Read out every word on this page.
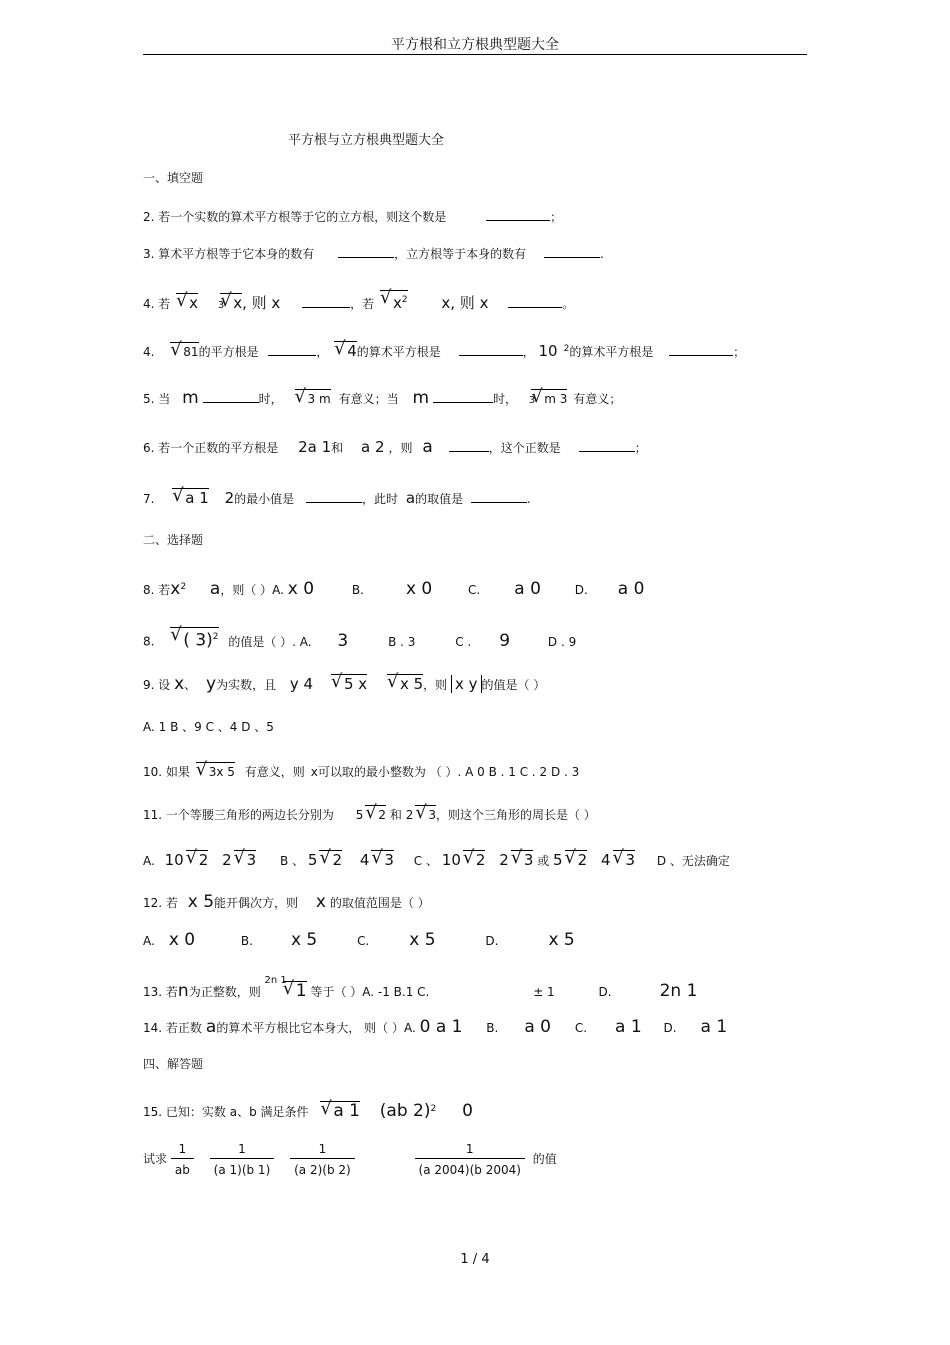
平方根和立方根典型题大全
平方根与立方根典型题大全
一、填空题
2. 若一个实数的算术平方根等于它的立方根，则这个数是	；
3. 算术平方根等于它本身的数有	，立方根等于本身的数有	.
4. 若 √ x 3 √ x, 则 x	，若 √ $x^2$ x, 则 x	。
4. √ 81的平方根是	， √ 4的算术平方根是	， 10 $^2$的算术平方根是	；
5. 当 m	时， √ 3 m 有意义；当 m	时， 3 √ m 3 有意义；
6. 若一个正数的平方根是 2a 1和 a 2 ，则 a	，这个正数是	；
7. √ a 1 2的最小值是	，此时 a的取值是	.
二、选择题
8. 若$x^2$ a，则（ ）A. x 0	B. x 0	C. a 0	D. a 0
8. √ ( 3)$^2$ 的值是（ ）. A. 3	B . 3	C . 9	D . 9
9. 设 x、 y为实数，且 y 4 √ 5 x √ x 5，则 x y 的值是（ ）
A. 1 B 、9 C 、4 D 、5
10. 如果 √ 3x 5 有意义，则 x可以取的最小整数为 （ ）. A 0 B . 1 C . 2 D . 3
11. 一个等腰三角形的两边长分别为 5 √ 2 和 2 √ 3，则这个三角形的周长是（ ）
A. 10 √ 2 2 √ 3 B 、 5 √ 2 4 √ 3 C 、 10 √ 2 2 √ 3 或 5 √ 2 4 √ 3 D 、无法确定
12. 若 x 5能开偶次方，则 x 的取值范围是（ ）
A. x 0	B. x 5	C. x 5	D.	x 5
13. 若n为正整数，则 $^{2n 1}$√ 1 等于（ ）A. -1 B.1 C.	± 1	D.	2n 1
14. 若正数 a的算术平方根比它本身大， 则（ ）A. 0 a 1 B. a 0 C. a 1 D. a 1
四、解答题
15. 已知：实数 a、b 满足条件 √ a 1 (ab 2)$^2$ 0
试求 $\frac{1}{ab}$
$\frac{1}{(a 1)(b 1)}$
$\frac{1}{(a 2)(b 2)}$
	$\frac{1}{(a 2004)(b 2004)}$ 的值
1 / 4
